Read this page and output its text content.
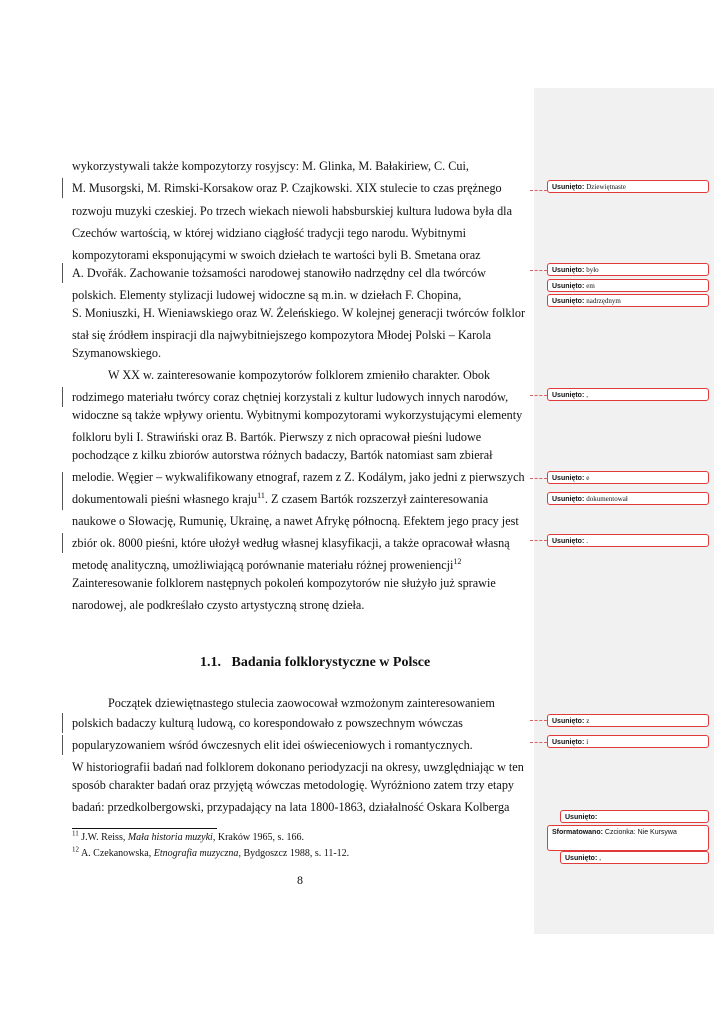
wykorzystywali także kompozytorzy rosyjscy: M. Glinka, M. Bałakiriew, C. Cui,
M. Musorgski, M. Rimski-Korsakow oraz P. Czajkowski. XIX stulecie to czas prężnego
rozwoju muzyki czeskiej. Po trzech wiekach niewoli habsburskiej kultura ludowa była dla
Czechów wartością, w której widziano ciągłość tradycji tego narodu. Wybitnymi
kompozytorami eksponującymi w swoich dziełach te wartości byli B. Smetana oraz
A. Dvořák. Zachowanie tożsamości narodowej stanowiło nadrzędny cel dla twórców
polskich. Elementy stylizacji ludowej widoczne są m.in. w dziełach F. Chopina,
S. Moniuszki, H. Wieniawskiego oraz W. Żeleńskiego. W kolejnej generacji twórców folklor
stał się źródłem inspiracji dla najwybitniejszego kompozytora Młodej Polski – Karola
Szymanowskiego.
W XX w. zainteresowanie kompozytorów folklorem zmieniło charakter. Obok
rodzimego materiału twórcy coraz chętniej korzystali z kultur ludowych innych narodów,
widoczne są także wpływy orientu. Wybitnymi kompozytorami wykorzystującymi elementy
folkloru byli I. Strawiński oraz B. Bartók. Pierwszy z nich opracował pieśni ludowe
pochodzące z kilku zbiorów autorstwa różnych badaczy, Bartók natomiast sam zbierał
melodie. Węgier – wykwalifikowany etnograf, razem z Z. Kodálym, jako jedni z pierwszych
dokumentowali pieśni własnego kraju$^{11}$. Z czasem Bartók rozszerzył zainteresowania
naukowe o Słowację, Rumunię, Ukrainę, a nawet Afrykę północną. Efektem jego pracy jest
zbiór ok. 8000 pieśni, które ułożył według własnej klasyfikacji, a także opracował własną
metodę analityczną, umożliwiającą porównanie materiału różnej proweniencji$^{12}$
Zainteresowanie folklorem następnych pokoleń kompozytorów nie służyło już sprawie
narodowej, ale podkreślało czysto artystyczną stronę dzieła.
1.1. Badania folklorystyczne w Polsce
Początek dziewiętnastego stulecia zaowocował wzmożonym zainteresowaniem
polskich badaczy kulturą ludową, co korespondowało z powszechnym wówczas
popularyzowaniem wśród ówczesnych elit idei oświeceniowych i romantycznych.
W historiografii badań nad folklorem dokonano periodyzacji na okresy, uwzględniając w ten
sposób charakter badań oraz przyjętą wówczas metodologię. Wyróżniono zatem trzy etapy
badań: przedkolbergowski, przypadający na lata 1800-1863, działalność Oskara Kolberga
$^{11}$ J.W. Reiss, Mała historia muzyki, Kraków 1965, s. 166.
$^{12}$ A. Czekanowska, Etnografia muzyczna, Bydgoszcz 1988, s. 11-12.
8
Usunięto: Dziewiętnaste
Usunięto: było
Usunięto: em
Usunięto: nadrzędnym
Usunięto: ,
Usunięto: e
Usunięto: dokumentował
Usunięto: .
Usunięto: z
Usunięto: i
Usunięto:
Sformatowano: Czcionka: Nie Kursywa
Usunięto: ,
